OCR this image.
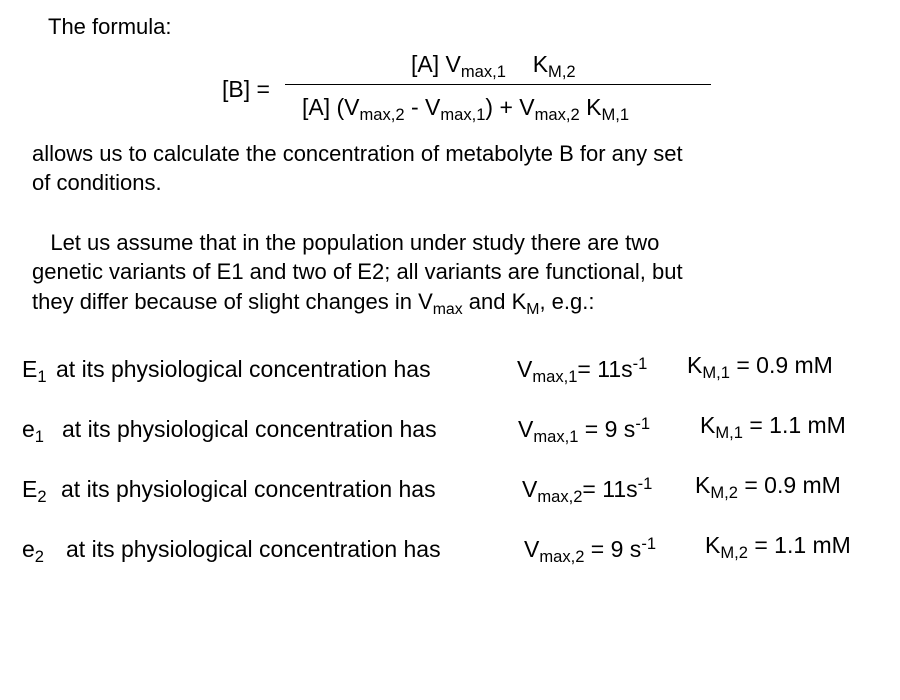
The formula:
[B] =
[A] $V_{max,1}$ $K_{M,2}$
[A] $(V_{max,2} - V_{max,1}) + V_{max,2}$ $K_{M,1}$
allows us to calculate the concentration of metabolyte B for any set
of conditions.
Let us assume that in the population under study there are two
genetic variants of E1 and two of E2; all variants are functional, but
they differ because of slight changes in $V_{max}$ and $K_M$, e.g.:
$E_1$ at its physiological concentration has	$V_{max,1}= 11s^{-1}$ $K_{M,1} = 0.9$ mM
$e_1$ at its physiological concentration has	$V_{max,1} = 9$ $s^{-1}$ $K_{M,1} = 1.1$ mM
$E_2$ at its physiological concentration has	$V_{max,2}= 11s^{-1}$ $K_{M,2} = 0.9$ mM
$e_2$ at its physiological concentration has	$V_{max,2} = 9$ $s^{-1}$ $K_{M,2} = 1.1$ mM
